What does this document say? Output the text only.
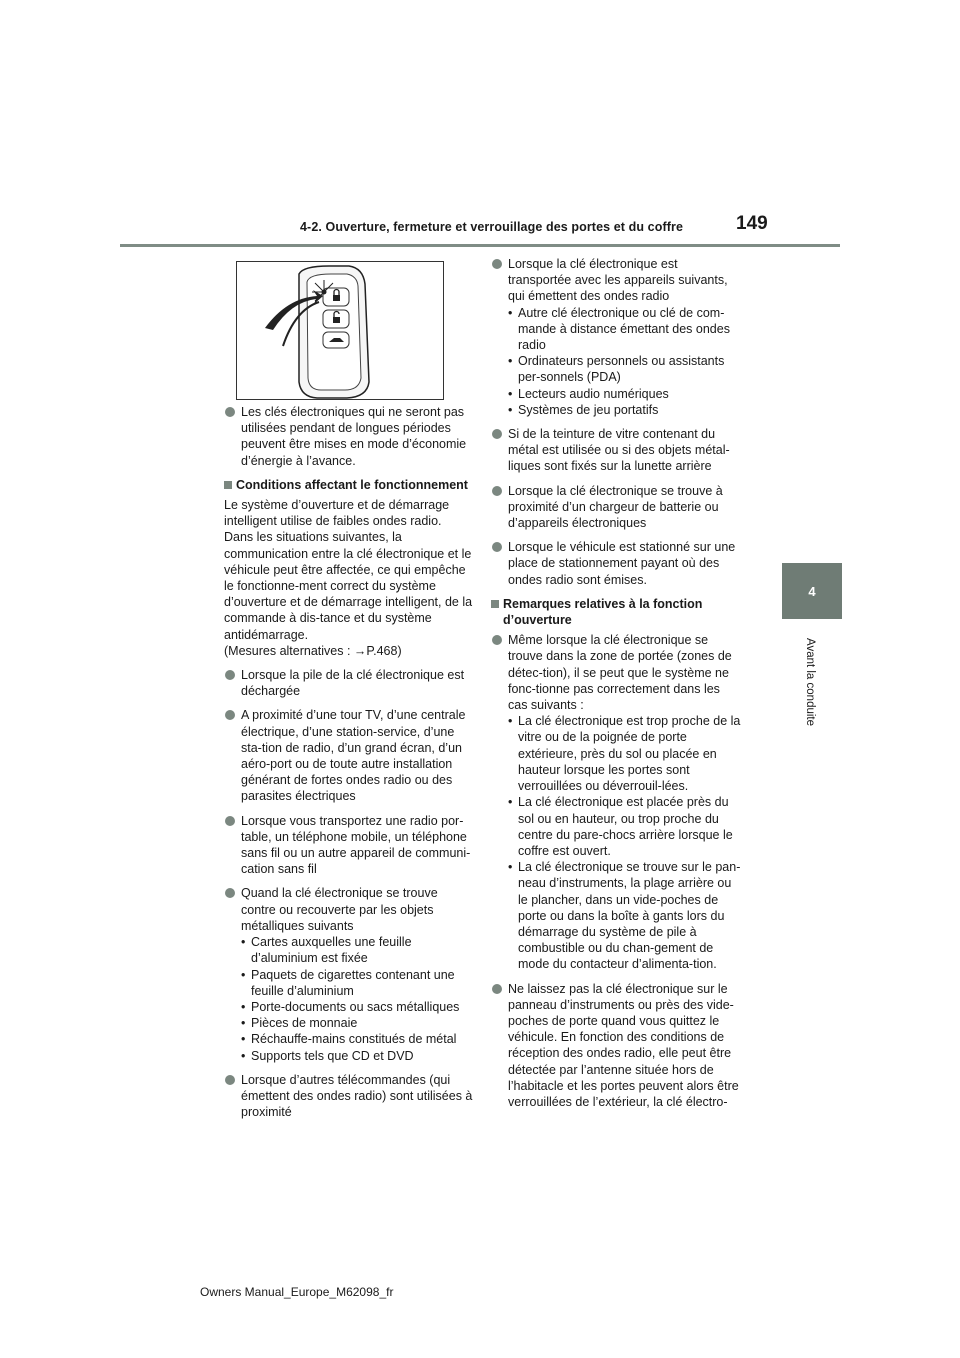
4-2. Ouverture, fermeture et verrouillage des portes et du coffre	149
4
Avant la conduite
Les clés électroniques qui ne seront pas utilisées pendant de longues périodes peuvent être mises en mode d’économie d’énergie à l’avance.
Conditions affectant le fonctionnement

Le système d’ouverture et de démarrage intelligent utilise de faibles ondes radio. Dans les situations suivantes, la communication entre la clé électronique et le véhicule peut être affectée, ce qui empêche le fonctionne-ment correct du système d’ouverture et de démarrage intelligent, de la commande à dis-tance et du système antidémarrage.

(Mesures alternatives : →P.468)

Lorsque la pile de la clé électronique est déchargée
A proximité d’une tour TV, d’une centrale électrique, d’une station-service, d’une sta-tion de radio, d’un grand écran, d’un aéro-port ou de toute autre installation générant de fortes ondes radio ou des parasites électriques
Lorsque vous transportez une radio por-table, un téléphone mobile, un téléphone sans fil ou un autre appareil de communi-cation sans fil
Quand la clé électronique se trouve contre ou recouverte par les objets métalliques suivants
• Cartes auxquelles une feuille d’aluminium est fixée
• Paquets de cigarettes contenant une feuille d’aluminium
• Porte-documents ou sacs métalliques
• Pièces de monnaie
• Réchauffe-mains constitués de métal
• Supports tels que CD et DVD
Lorsque d’autres télécommandes (qui émettent des ondes radio) sont utilisées à proximité
Lorsque la clé électronique est transportée avec les appareils suivants, qui émettent des ondes radio
• Autre clé électronique ou clé de com-mande à distance émettant des ondes radio
• Ordinateurs personnels ou assistants per-sonnels (PDA)
• Lecteurs audio numériques
• Systèmes de jeu portatifs
Si de la teinture de vitre contenant du métal est utilisée ou si des objets métal-liques sont fixés sur la lunette arrière
Lorsque la clé électronique se trouve à proximité d’un chargeur de batterie ou d’appareils électroniques
Lorsque le véhicule est stationné sur une place de stationnement payant où des ondes radio sont émises.
Remarques relatives à la fonction d’ouverture
Même lorsque la clé électronique se trouve dans la zone de portée (zones de détec-tion), il se peut que le système ne fonc-tionne pas correctement dans les cas suivants :
• La clé électronique est trop proche de la vitre ou de la poignée de porte extérieure, près du sol ou placée en hauteur lorsque les portes sont verrouillées ou déverrouil-lées.
• La clé électronique est placée près du sol ou en hauteur, ou trop proche du centre du pare-chocs arrière lorsque le coffre est ouvert.
• La clé électronique se trouve sur le pan-neau d’instruments, la plage arrière ou le plancher, dans un vide-poches de porte ou dans la boîte à gants lors du démarrage du système de pile à combustible ou du chan-gement de mode du contacteur d’alimenta-tion.
Ne laissez pas la clé électronique sur le panneau d’instruments ou près des vide-poches de porte quand vous quittez le véhicule. En fonction des conditions de réception des ondes radio, elle peut être détectée par l’antenne située hors de l’habitacle et les portes peuvent alors être verrouillées de l’extérieur, la clé électro-
Owners Manual_Europe_M62098_fr
